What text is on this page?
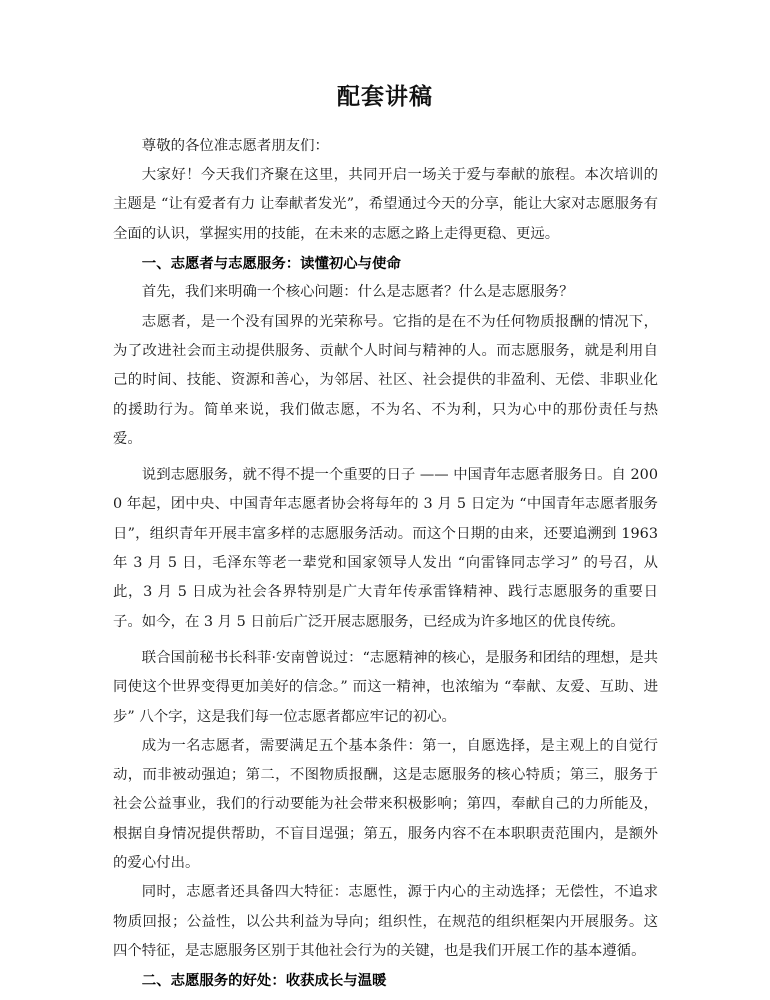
配套讲稿

尊敬的各位准志愿者朋友们：

大家好！今天我们齐聚在这里，共同开启一场关于爱与奉献的旅程。本次培训的主题是 “让有爱者有力 让奉献者发光”，希望通过今天的分享，能让大家对志愿服务有全面的认识，掌握实用的技能，在未来的志愿之路上走得更稳、更远。

一、志愿者与志愿服务：读懂初心与使命

首先，我们来明确一个核心问题：什么是志愿者？什么是志愿服务？

志愿者，是一个没有国界的光荣称号。它指的是在不为任何物质报酬的情况下，为了改进社会而主动提供服务、贡献个人时间与精神的人。而志愿服务，就是利用自己的时间、技能、资源和善心，为邻居、社区、社会提供的非盈利、无偿、非职业化的援助行为。简单来说，我们做志愿，不为名、不为利，只为心中的那份责任与热爱。

说到志愿服务，就不得不提一个重要的日子 —— 中国青年志愿者服务日。自 2000 年起，团中央、中国青年志愿者协会将每年的 3 月 5 日定为 “中国青年志愿者服务日”，组织青年开展丰富多样的志愿服务活动。而这个日期的由来，还要追溯到 1963 年 3 月 5 日，毛泽东等老一辈党和国家领导人发出 “向雷锋同志学习” 的号召，从此，3 月 5 日成为社会各界特别是广大青年传承雷锋精神、践行志愿服务的重要日子。如今，在 3 月 5 日前后广泛开展志愿服务，已经成为许多地区的优良传统。

联合国前秘书长科菲·安南曾说过：“志愿精神的核心，是服务和团结的理想，是共同使这个世界变得更加美好的信念。” 而这一精神，也浓缩为 “奉献、友爱、互助、进步” 八个字，这是我们每一位志愿者都应牢记的初心。

成为一名志愿者，需要满足五个基本条件：第一，自愿选择，是主观上的自觉行动，而非被动强迫；第二，不图物质报酬，这是志愿服务的核心特质；第三，服务于社会公益事业，我们的行动要能为社会带来积极影响；第四，奉献自己的力所能及，根据自身情况提供帮助，不盲目逞强；第五，服务内容不在本职职责范围内，是额外的爱心付出。

同时，志愿者还具备四大特征：志愿性，源于内心的主动选择；无偿性，不追求物质回报；公益性，以公共利益为导向；组织性，在规范的组织框架内开展服务。这四个特征，是志愿服务区别于其他社会行为的关键，也是我们开展工作的基本遵循。

二、志愿服务的好处：收获成长与温暖
